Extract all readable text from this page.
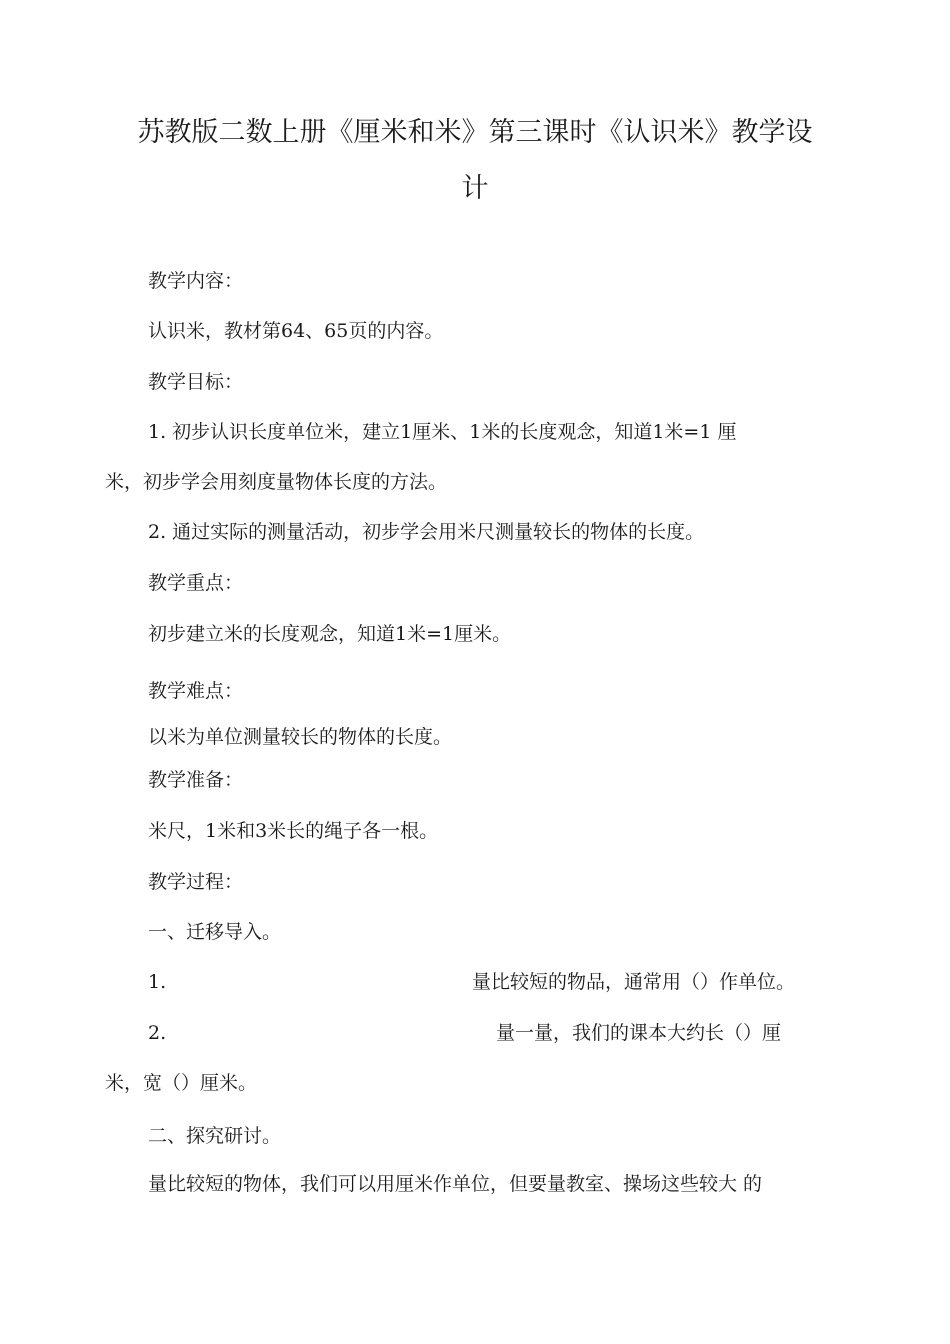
苏教版二数上册《厘米和米》第三课时《认识米》教学设
计

教学内容：

认识米，教材第64、65页的内容。

教学目标：

1. 初步认识长度单位米，建立1厘米、1米的长度观念，知道1米=1 厘

米，初步学会用刻度量物体长度的方法。

2. 通过实际的测量活动，初步学会用米尺测量较长的物体的长度。

教学重点：

初步建立米的长度观念，知道1米=1厘米。

教学难点：

以米为单位测量较长的物体的长度。

教学准备：

米尺，1米和3米长的绳子各一根。

教学过程：

一、迁移导入。

1.	量比较短的物品，通常用（）作单位。

2.	量一量，我们的课本大约长（）厘

米，宽（）厘米。

二、探究研讨。

量比较短的物体，我们可以用厘米作单位，但要量教室、操场这些较大 的
